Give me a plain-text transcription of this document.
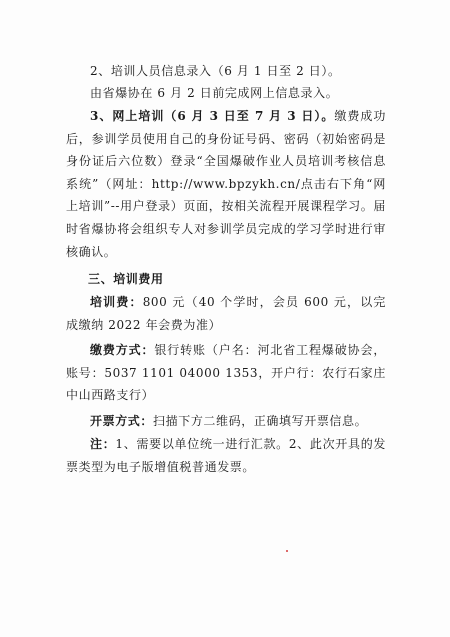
2、培训人员信息录入（6 月 1 日至 2 日）。

由省爆协在 6 月 2 日前完成网上信息录入。

3、网上培训（6 月 3 日至 7 月 3 日）。缴费成功后，参训学员使用自己的身份证号码、密码（初始密码是身份证后六位数）登录“全国爆破作业人员培训考核信息系统”（网址：http://www.bpzykh.cn/点击右下角“网上培训”--用户登录）页面，按相关流程开展课程学习。届时省爆协将会组织专人对参训学员完成的学习学时进行审核确认。

三、培训费用

培训费：800 元（40 个学时，会员 600 元，以完成缴纳 2022 年会费为准）

缴费方式：银行转账（户名：河北省工程爆破协会，账号：5037 1101 04000 1353，开户行：农行石家庄中山西路支行）

开票方式：扫描下方二维码，正确填写开票信息。

注：1、需要以单位统一进行汇款。2、此次开具的发票类型为电子版增值税普通发票。
